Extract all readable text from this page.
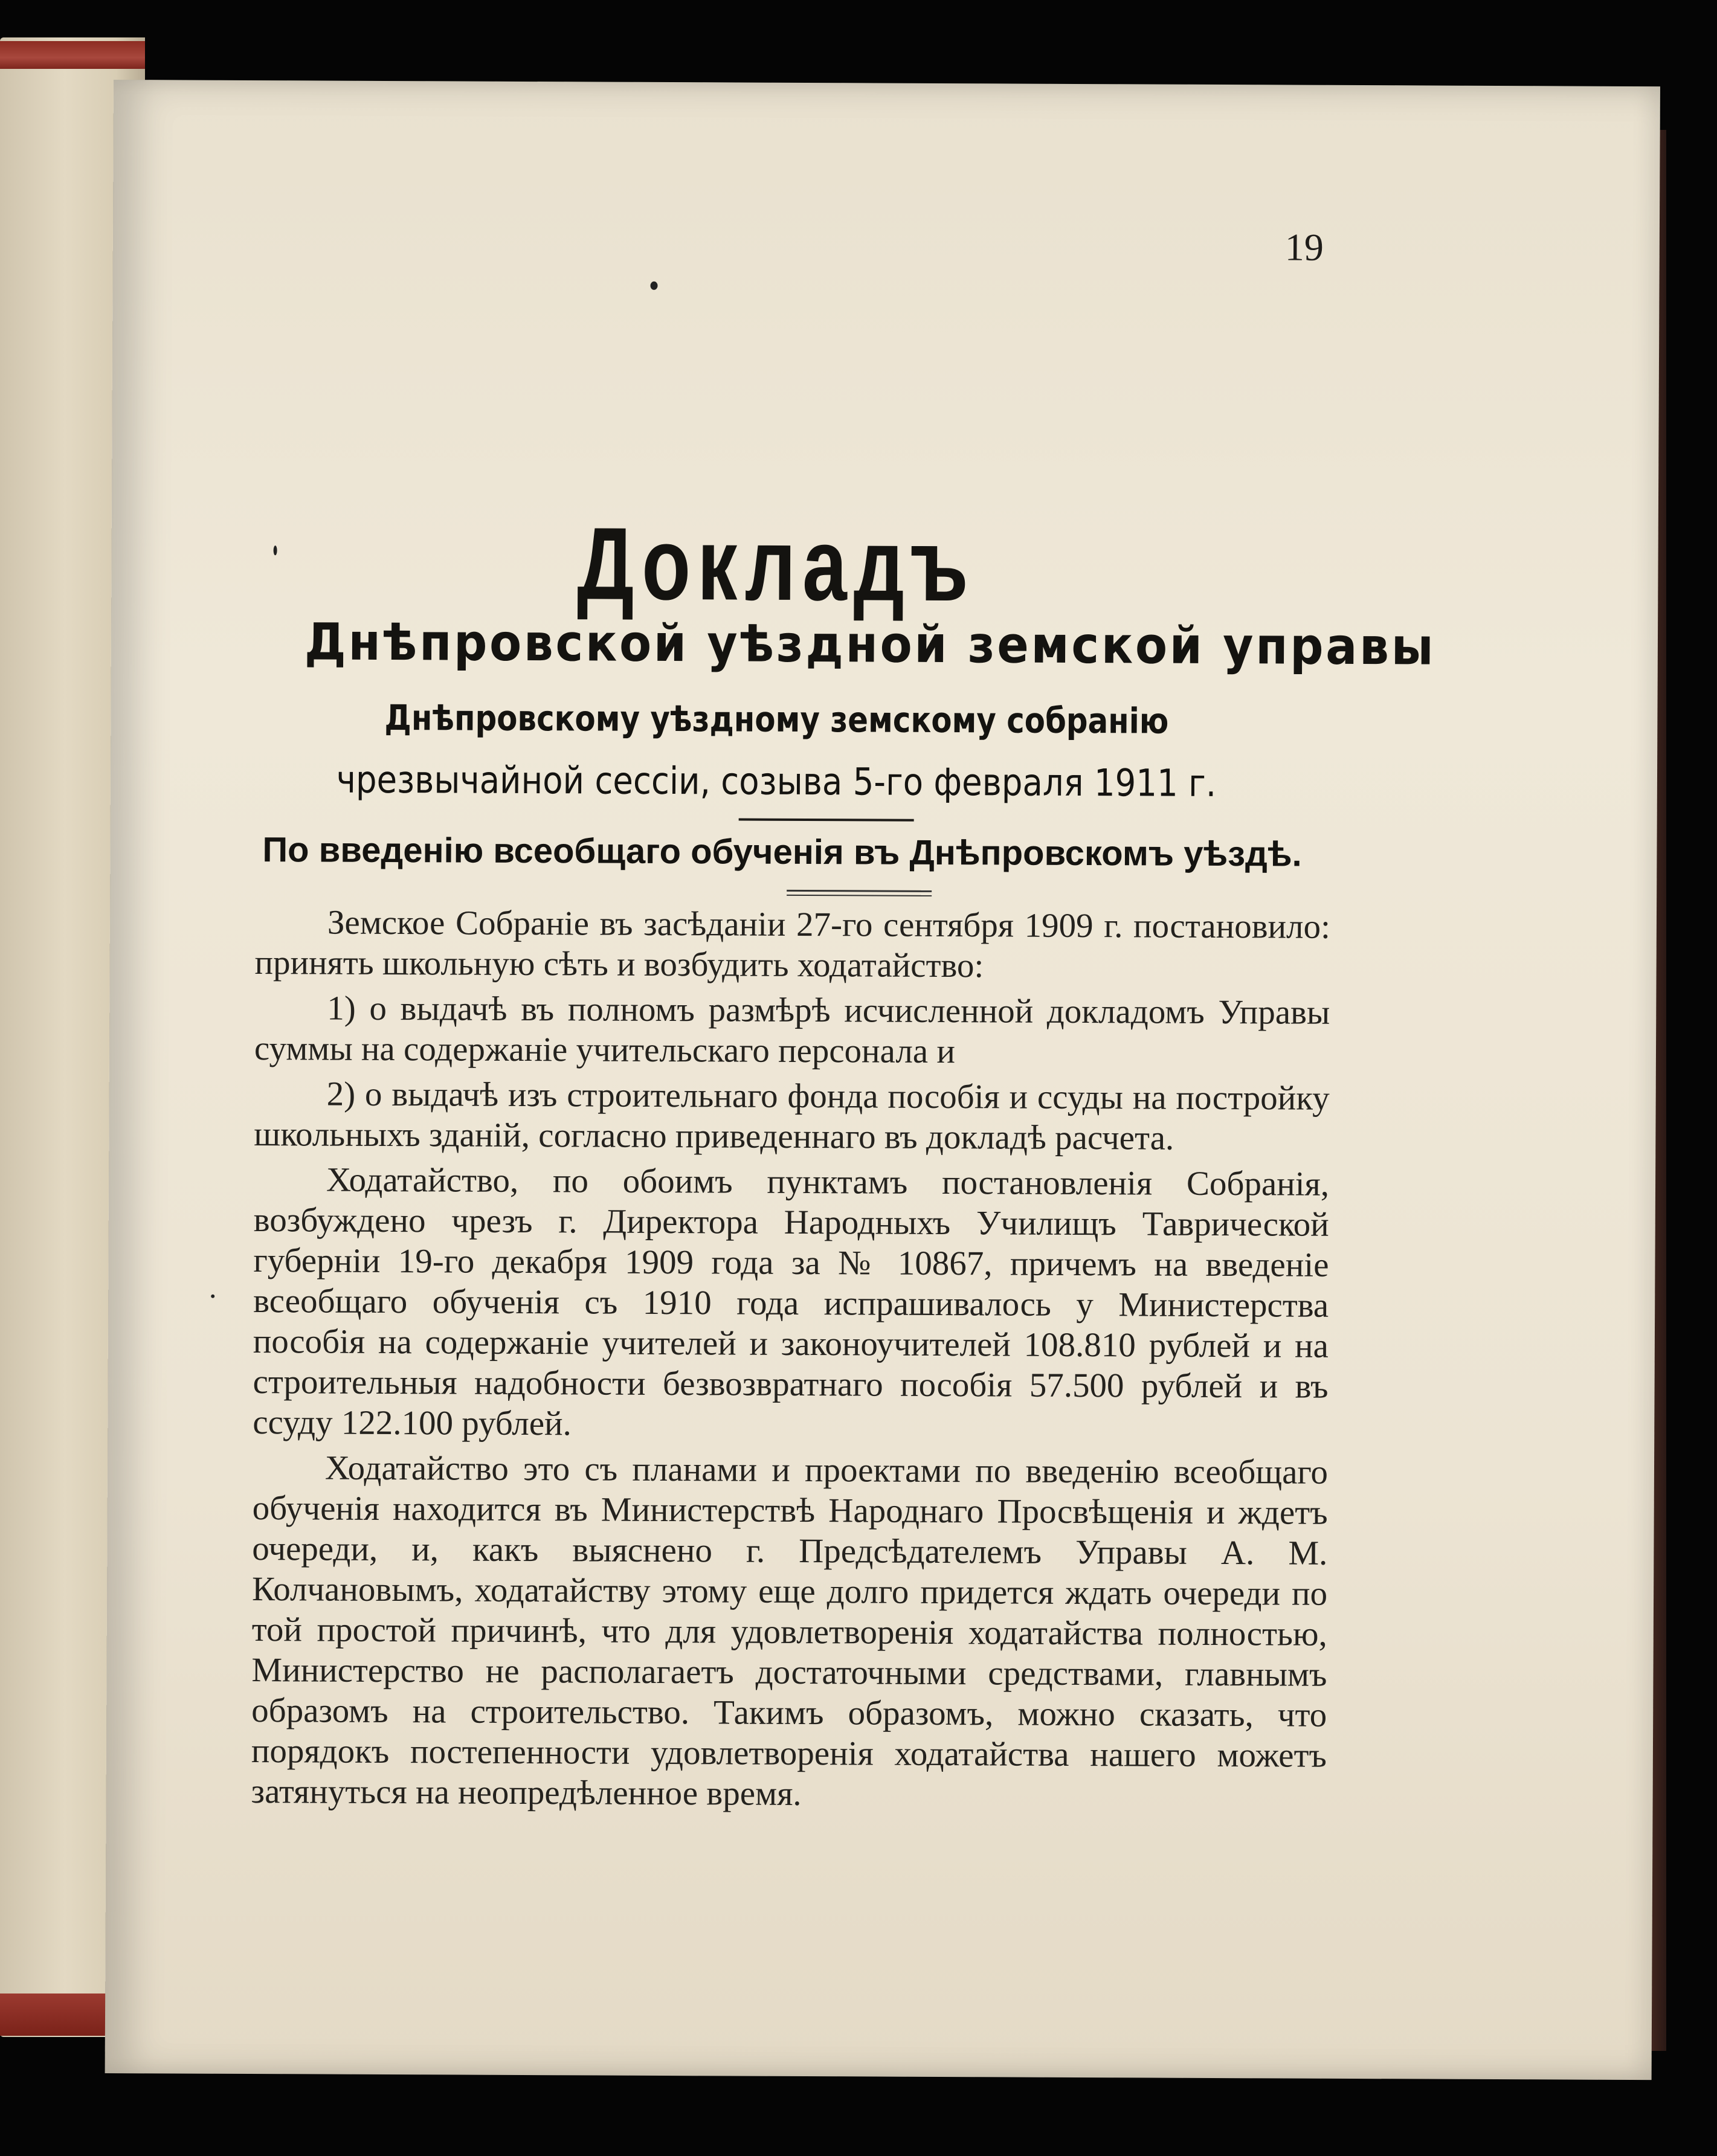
19
Докладъ
Днѣпровской уѣздной земской управы
Днѣпровскому уѣздному земскому собранію
чрезвычайной сессіи, созыва 5-го февраля 1911 г.
По введенію всеобщаго обученія въ Днѣпровскомъ уѣздѣ.

Земское Собраніе въ засѣданіи 27-го сентября 1909 г. постановило: принять школьную сѣть и возбудить ходатайство:

1) о выдачѣ въ полномъ размѣрѣ исчисленной докладомъ Управы суммы на содержаніе учительскаго персонала и

2) о выдачѣ изъ строительнаго фонда пособія и ссуды на постройку школьныхъ зданій, согласно приведеннаго въ докладѣ расчета.

Ходатайство, по обоимъ пунктамъ постановленія Собранія, возбуждено чрезъ г. Директора Народныхъ Училищъ Таврической губерніи 19-го декабря 1909 года за № 10867, причемъ на введеніе всеобщаго обученія съ 1910 года испрашивалось у Министерства пособія на содержаніе учителей и законоучителей 108.810 рублей и на строительныя надобности безвозвратнаго пособія 57.500 рублей и въ ссуду 122.100 рублей.

Ходатайство это съ планами и проектами по введенію всеобщаго обученія находится въ Министерствѣ Народнаго Просвѣщенія и ждетъ очереди, и, какъ выяснено г. Предсѣдателемъ Управы А. М. Колчановымъ, ходатайству этому еще долго придется ждать очереди по той простой причинѣ, что для удовлетворенія ходатайства полностью, Министерство не располагаетъ достаточными средствами, главнымъ образомъ на строительство. Такимъ образомъ, можно сказать, что порядокъ постепенности удовлетворенія ходатайства нашего можетъ затянуться на неопредѣленное время.
